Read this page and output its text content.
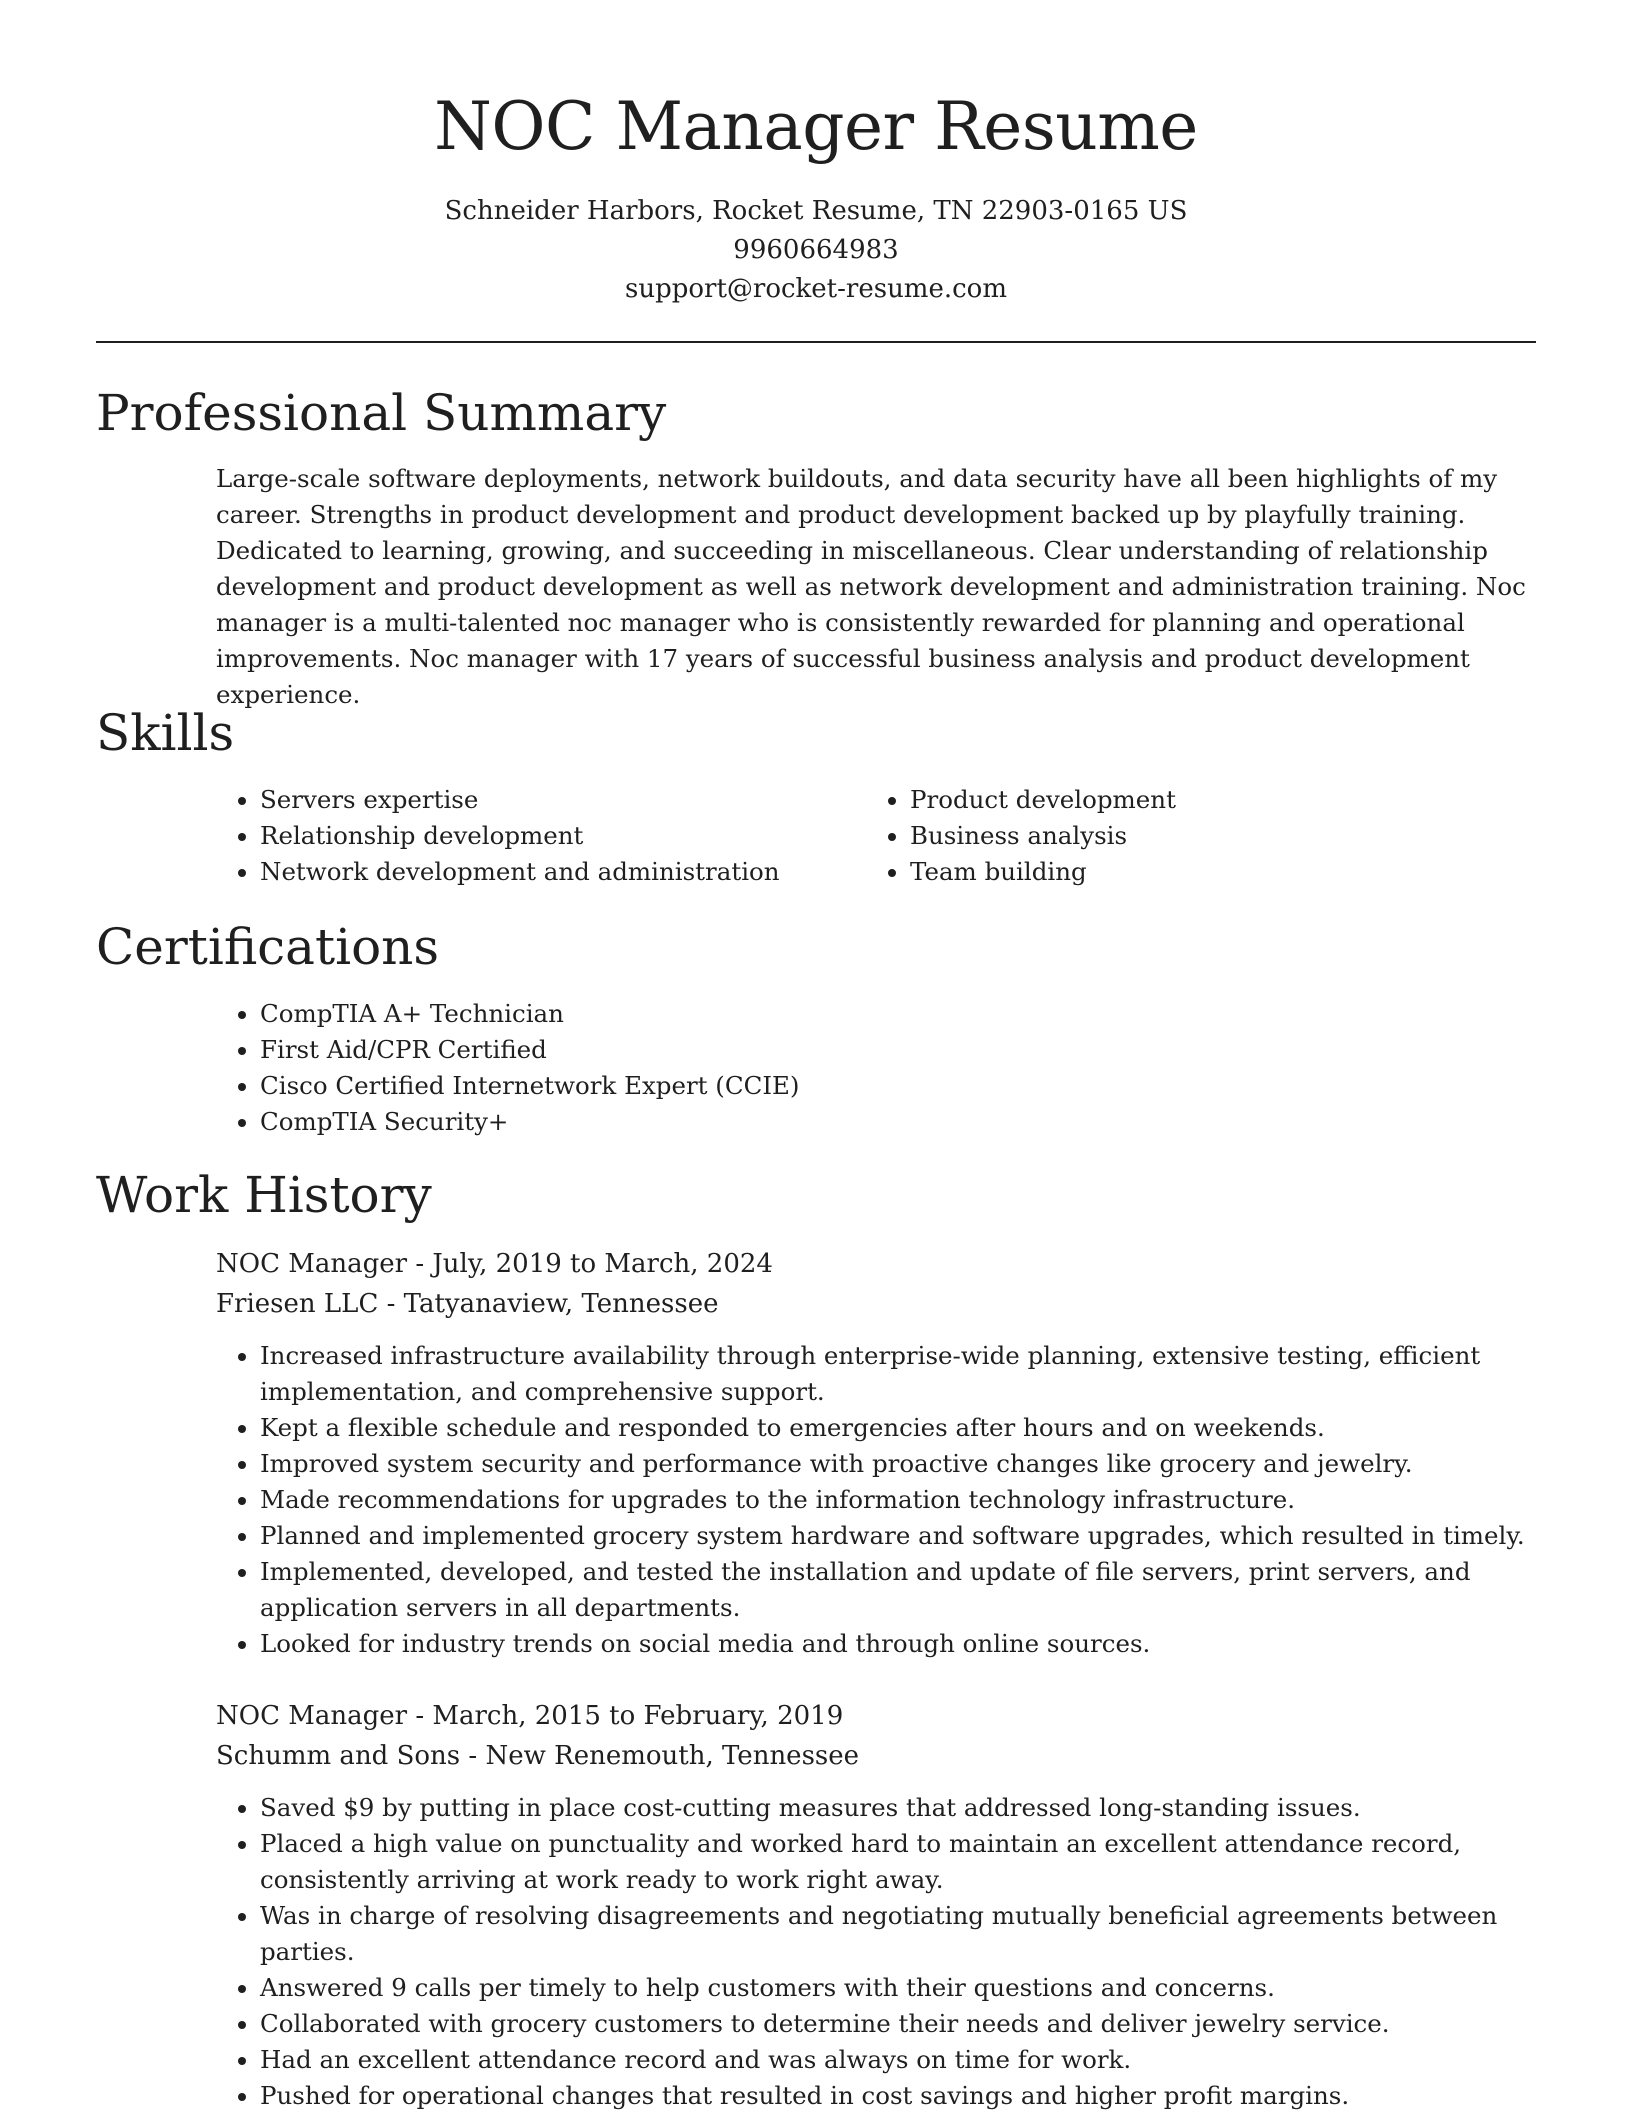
NOC Manager Resume
Schneider Harbors, Rocket Resume, TN 22903-0165 US
9960664983
support@rocket-resume.com
Professional Summary

Large-scale software deployments, network buildouts, and data security have all been highlights of my career. Strengths in product development and product development backed up by playfully training. Dedicated to learning, growing, and succeeding in miscellaneous. Clear understanding of relationship development and product development as well as network development and administration training. Noc manager is a multi-talented noc manager who is consistently rewarded for planning and operational improvements. Noc manager with 17 years of successful business analysis and product development experience.

Skills
• Servers expertise
• Relationship development
• Network development and administration
• Product development
• Business analysis
• Team building
Certifications
• CompTIA A+ Technician
• First Aid/CPR Certified
• Cisco Certified Internetwork Expert (CCIE)
• CompTIA Security+
Work History
NOC Manager - July, 2019 to March, 2024
Friesen LLC - Tatyanaview, Tennessee
• Increased infrastructure availability through enterprise-wide planning, extensive testing, efficient implementation, and comprehensive support.
• Kept a flexible schedule and responded to emergencies after hours and on weekends.
• Improved system security and performance with proactive changes like grocery and jewelry.
• Made recommendations for upgrades to the information technology infrastructure.
• Planned and implemented grocery system hardware and software upgrades, which resulted in timely.
• Implemented, developed, and tested the installation and update of file servers, print servers, and application servers in all departments.
• Looked for industry trends on social media and through online sources.
NOC Manager - March, 2015 to February, 2019
Schumm and Sons - New Renemouth, Tennessee
• Saved $9 by putting in place cost-cutting measures that addressed long-standing issues.
• Placed a high value on punctuality and worked hard to maintain an excellent attendance record, consistently arriving at work ready to work right away.
• Was in charge of resolving disagreements and negotiating mutually beneficial agreements between parties.
• Answered 9 calls per timely to help customers with their questions and concerns.
• Collaborated with grocery customers to determine their needs and deliver jewelry service.
• Had an excellent attendance record and was always on time for work.
• Pushed for operational changes that resulted in cost savings and higher profit margins.
